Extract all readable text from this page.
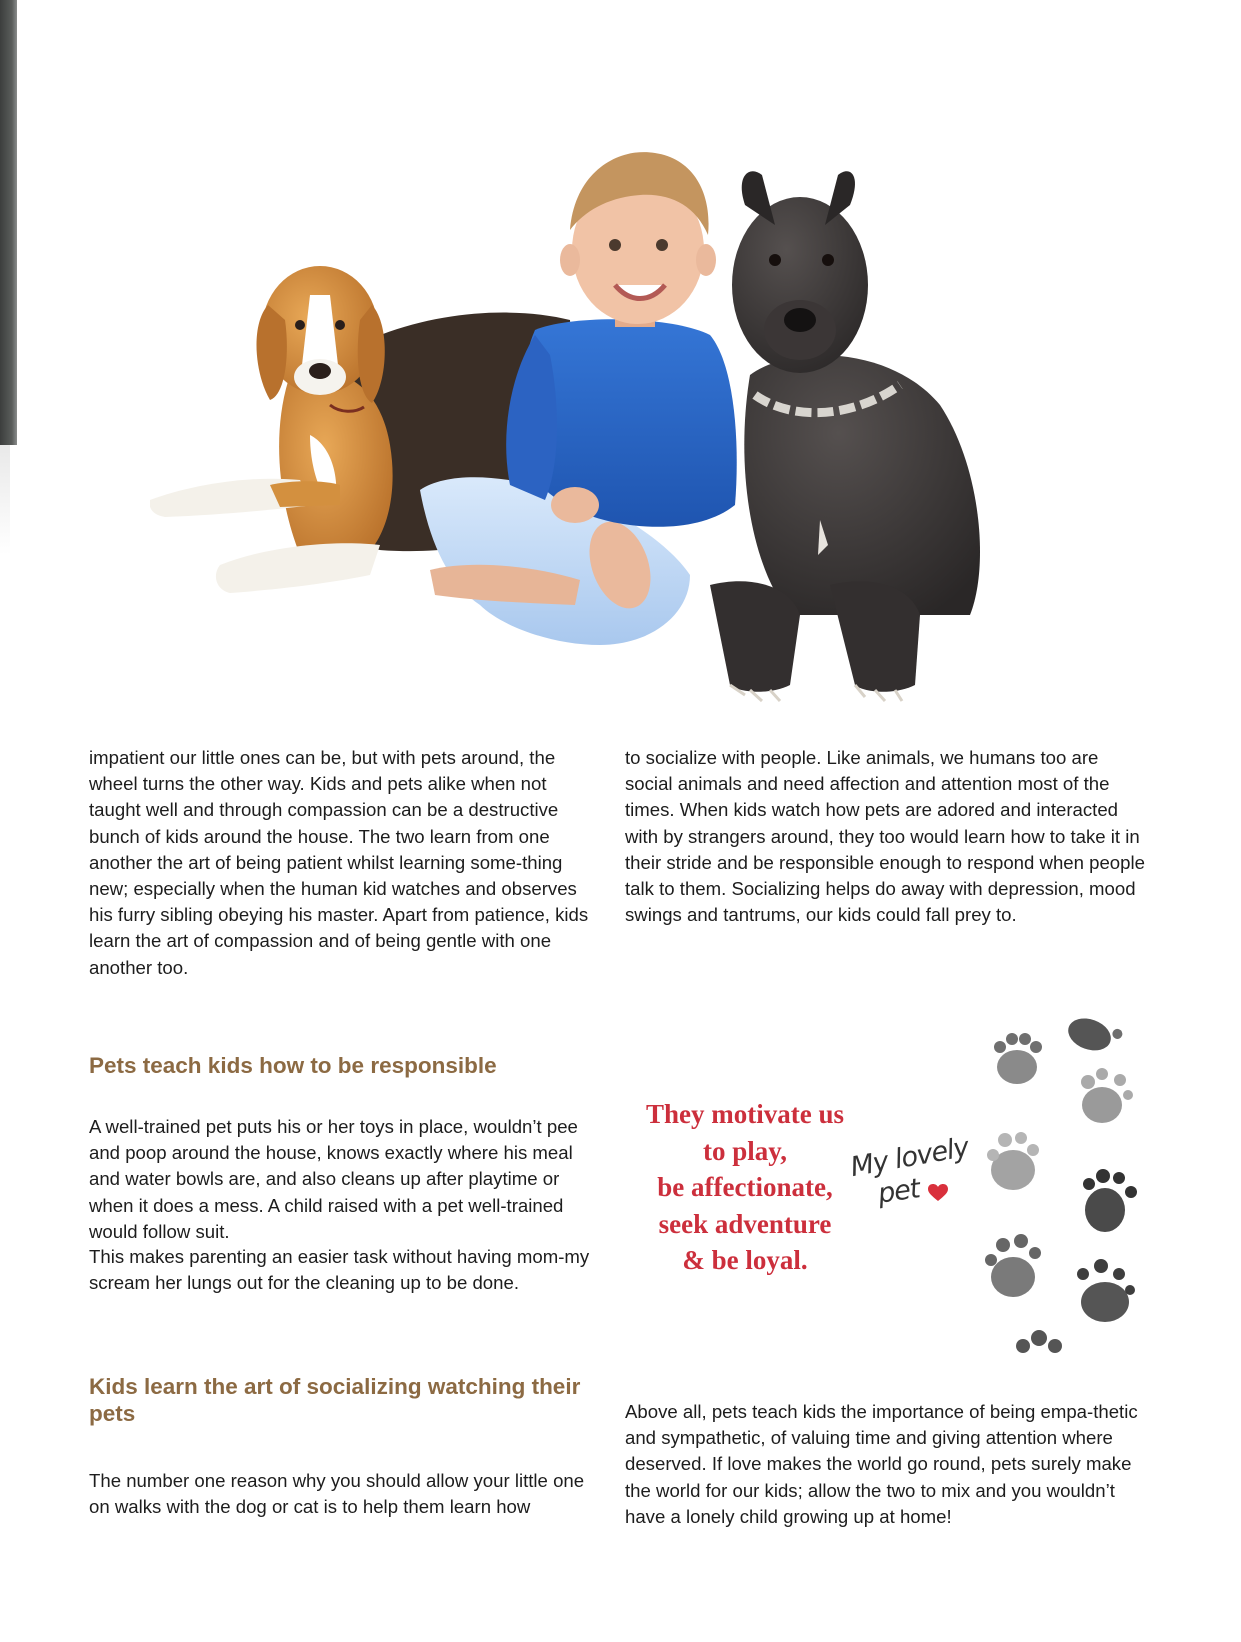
impatient our little ones can be, but with pets around, the wheel turns the other way. Kids and pets alike when not taught well and through compassion can be a destructive bunch of kids around the house. The two learn from one another the art of being patient whilst learning some-thing new; especially when the human kid watches and observes his furry sibling obeying his master. Apart from patience, kids learn the art of compassion and of being gentle with one another too.

to socialize with people. Like animals, we humans too are social animals and need affection and attention most of the times. When kids watch how pets are adored and interacted with by strangers around, they too would learn how to take it in their stride and be responsible enough to respond when people talk to them. Socializing helps do away with depression, mood swings and tantrums, our kids could fall prey to.

Pets teach kids how to be responsible

A well-trained pet puts his or her toys in place, wouldn’t pee and poop around the house, knows exactly where his meal and water bowls are, and also cleans up after playtime or when it does a mess. A child raised with a pet well-trained would follow suit.

This makes parenting an easier task without having mom-my scream her lungs out for the cleaning up to be done.

They motivate us
to play,
be affectionate,
seek adventure
& be loyal.
My lovely
pet
Kids learn the art of socializing watching their pets

The number one reason why you should allow your little one on walks with the dog or cat is to help them learn how

Above all, pets teach kids the importance of being empa-thetic and sympathetic, of valuing time and giving attention where deserved. If love makes the world go round, pets surely make the world for our kids; allow the two to mix and you wouldn’t have a lonely child growing up at home!
